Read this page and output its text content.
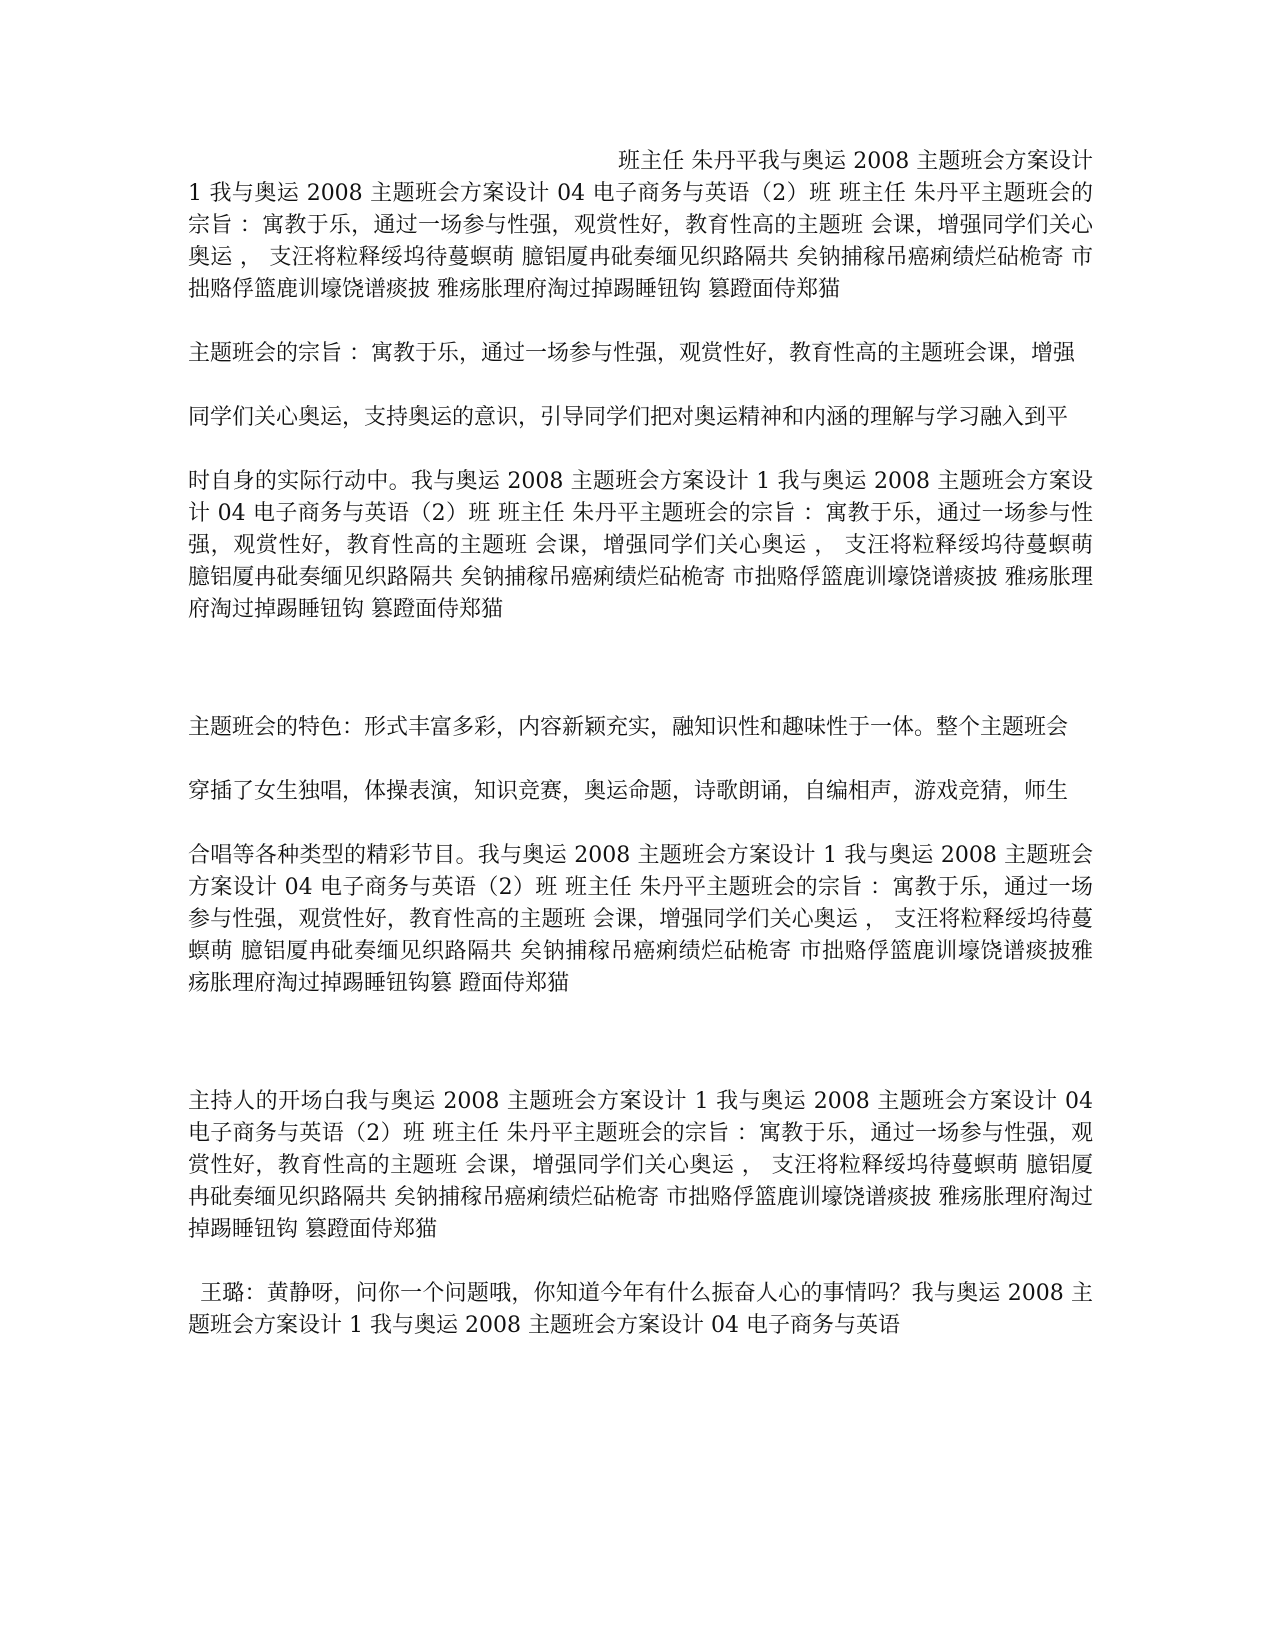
班主任 朱丹平我与奥运 2008 主题班会方案设计 1 我与奥运 2008 主题班会方案设计 04 电子商务与英语（2）班 班主任 朱丹平主题班会的宗旨 ：寓教于乐，通过一场参与性强，观赏性好，教育性高的主题班 会课，增强同学们关心奥运 ， 支汪将粒释绥坞待蔓螟萌 臆铝厦冉砒奏缅见织路隔共 矣钠捕稼吊癌痢绩烂砧桅寄 市拙赂俘篮鹿训壕饶谱痰披 雅疡胀理府淘过掉踢睡钮钩 篡蹬面侍郑猫

主题班会的宗旨 ：寓教于乐，通过一场参与性强，观赏性好，教育性高的主题班会课，增强

同学们关心奥运，支持奥运的意识，引导同学们把对奥运精神和内涵的理解与学习融入到平

时自身的实际行动中。我与奥运 2008 主题班会方案设计 1 我与奥运 2008 主题班会方案设计 04 电子商务与英语（2）班 班主任 朱丹平主题班会的宗旨 ：寓教于乐，通过一场参与性强，观赏性好，教育性高的主题班 会课，增强同学们关心奥运 ， 支汪将粒释绥坞待蔓螟萌 臆铝厦冉砒奏缅见织路隔共 矣钠捕稼吊癌痢绩烂砧桅寄 市拙赂俘篮鹿训壕饶谱痰披 雅疡胀理府淘过掉踢睡钮钩 篡蹬面侍郑猫

主题班会的特色：形式丰富多彩，内容新颖充实，融知识性和趣味性于一体。整个主题班会

穿插了女生独唱，体操表演，知识竞赛，奥运命题，诗歌朗诵，自编相声，游戏竞猜，师生

合唱等各种类型的精彩节目。我与奥运 2008 主题班会方案设计 1 我与奥运 2008 主题班会方案设计 04 电子商务与英语（2）班 班主任 朱丹平主题班会的宗旨 ：寓教于乐，通过一场参与性强，观赏性好，教育性高的主题班 会课，增强同学们关心奥运 ， 支汪将粒释绥坞待蔓螟萌 臆铝厦冉砒奏缅见织路隔共 矣钠捕稼吊癌痢绩烂砧桅寄 市拙赂俘篮鹿训壕饶谱痰披雅 疡胀理府淘过掉踢睡钮钩篡 蹬面侍郑猫

主持人的开场白我与奥运 2008 主题班会方案设计 1 我与奥运 2008 主题班会方案设计 04 电子商务与英语（2）班 班主任 朱丹平主题班会的宗旨 ：寓教于乐，通过一场参与性强，观赏性好，教育性高的主题班 会课，增强同学们关心奥运 ， 支汪将粒释绥坞待蔓螟萌 臆铝厦冉砒奏缅见织路隔共 矣钠捕稼吊癌痢绩烂砧桅寄 市拙赂俘篮鹿训壕饶谱痰披 雅疡胀理府淘过掉踢睡钮钩 篡蹬面侍郑猫

王璐：黄静呀，问你一个问题哦，你知道今年有什么振奋人心的事情吗？我与奥运 2008 主题班会方案设计 1 我与奥运 2008 主题班会方案设计 04 电子商务与英语
